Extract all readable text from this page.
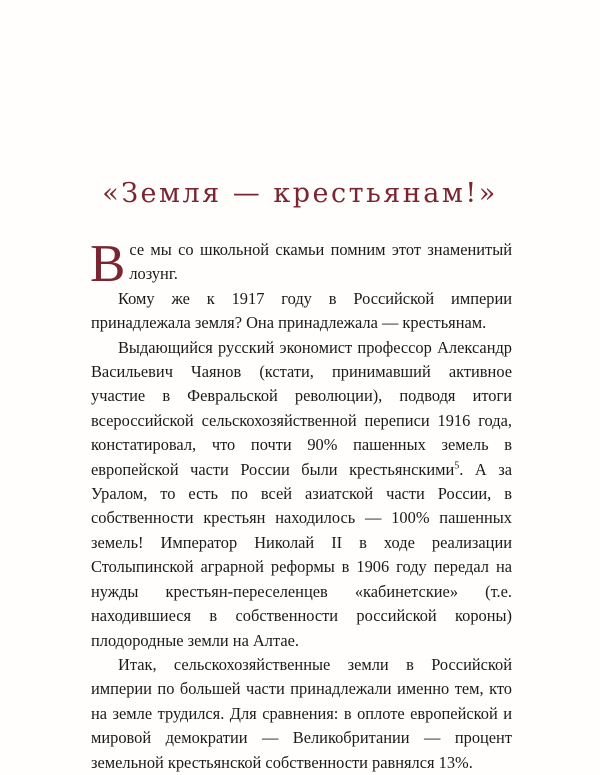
«Земля — крестьянам!»

Все мы со школьной скамьи помним этот знаменитый лозунг.

Кому же к 1917 году в Российской империи принадлежала земля? Она принадлежала — крестьянам.

Выдающийся русский экономист профессор Александр Васильевич Чаянов (кстати, принимавший активное участие в Февральской революции), подводя итоги всероссийской сельскохозяйственной переписи 1916 года, констатировал, что почти 90% пашенных земель в европейской части России были крестьянскими$^5$. А за Уралом, то есть по всей азиатской части России, в собственности крестьян находилось — 100% пашенных земель! Император Николай II в ходе реализации Столыпинской аграрной реформы в 1906 году передал на нужды крестьян-переселенцев «кабинетские» (т.е. находившиеся в собственности российской короны) плодородные земли на Алтае.

Итак, сельскохозяйственные земли в Российской империи по большей части принадлежали именно тем, кто на земле трудился. Для сравнения: в оплоте европейской и мировой демократии — Великобритании — процент земельной крестьянской собственности равнялся 13%.
